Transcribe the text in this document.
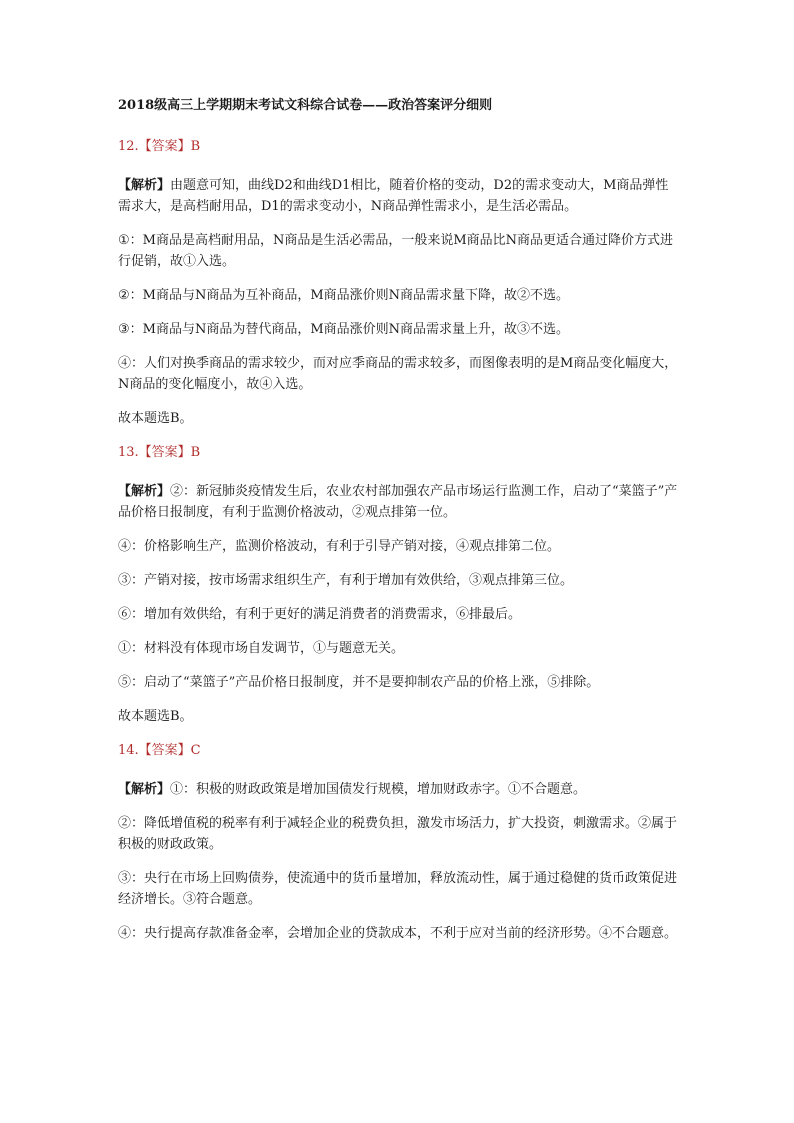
2018级高三上学期期末考试文科综合试卷——政治答案评分细则
12.【答案】B
【解析】由题意可知，曲线D2和曲线D1相比，随着价格的变动，D2的需求变动大，M商品弹性需求大，是高档耐用品，D1的需求变动小，N商品弹性需求小，是生活必需品。
①：M商品是高档耐用品，N商品是生活必需品，一般来说M商品比N商品更适合通过降价方式进行促销，故①入选。
②：M商品与N商品为互补商品，M商品涨价则N商品需求量下降，故②不选。
③：M商品与N商品为替代商品，M商品涨价则N商品需求量上升，故③不选。
④：人们对换季商品的需求较少，而对应季商品的需求较多，而图像表明的是M商品变化幅度大，N商品的变化幅度小，故④入选。
故本题选B。
13.【答案】B
【解析】②：新冠肺炎疫情发生后，农业农村部加强农产品市场运行监测工作，启动了“菜篮子”产品价格日报制度，有利于监测价格波动，②观点排第一位。
④：价格影响生产，监测价格波动，有利于引导产销对接，④观点排第二位。
③：产销对接，按市场需求组织生产，有利于增加有效供给，③观点排第三位。
⑥：增加有效供给，有利于更好的满足消费者的消费需求，⑥排最后。
①：材料没有体现市场自发调节，①与题意无关。
⑤：启动了“菜篮子”产品价格日报制度，并不是要抑制农产品的价格上涨，⑤排除。
故本题选B。
14.【答案】C
【解析】①：积极的财政政策是增加国债发行规模，增加财政赤字。①不合题意。
②：降低增值税的税率有利于减轻企业的税费负担，激发市场活力，扩大投资，刺激需求。②属于积极的财政政策。
③：央行在市场上回购债券，使流通中的货币量增加，释放流动性，属于通过稳健的货币政策促进经济增长。③符合题意。
④：央行提高存款准备金率，会增加企业的贷款成本，不利于应对当前的经济形势。④不合题意。
